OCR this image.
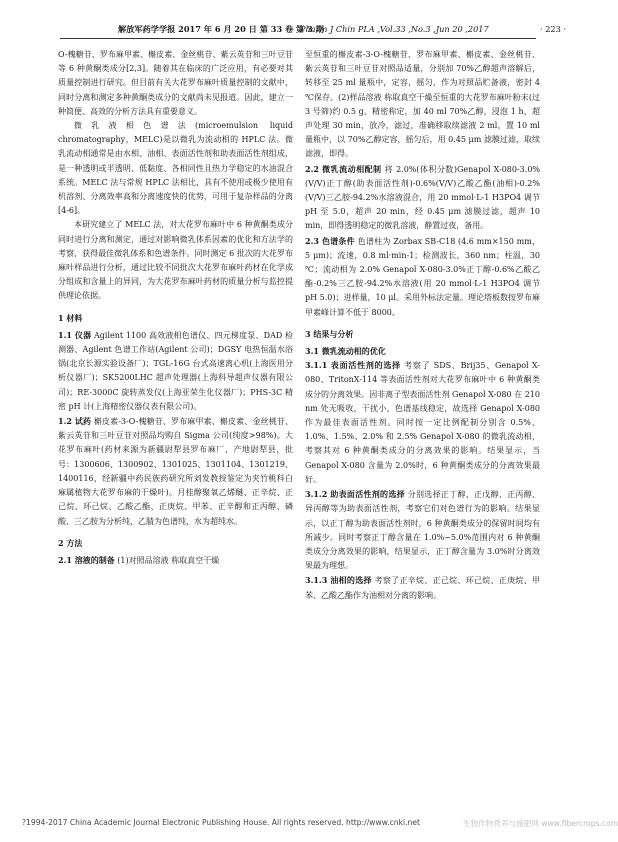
解放军药学学报 2017 年 6 月 20 日 第 33 卷 第 3 期
Pharm J Chin PLA ,Vol.33 ,No.3 ,Jun 20 ,2017	· 223 ·

O-槐糖苷、罗布麻甲素、槲皮素、金丝桃苷、紫云英苷和三叶豆苷等 6 种黄酮类成分[2,3]。随着其在临床的广泛应用，有必要对其质量控制进行研究。但目前有关大花罗布麻叶质量控制的文献中，同时分离和测定多种黄酮类成分的文献尚未见报道。因此，建立一种简便、高效的分析方法具有重要意义。

微乳液相色谱法(microemulsion liquid chromatography，MELC)是以微乳为流动相的 HPLC 法。微乳流动相通常是由水相、油相、表面活性剂和助表面活性剂组成，是一种透明或半透明、低黏度、各相同性且热力学稳定的水油混合系统。MELC 法与常规 HPLC 法相比，具有不使用或极少使用有机溶剂、分离效率高和分离速度快的优势，可用于复杂样品的分离[4-6]。

本研究建立了 MELC 法，对大花罗布麻叶中 6 种黄酮类成分同时进行分离和测定，通过对影响微乳体系因素的优化和方法学的考察，获得最佳微乳体系和色谱条件。同时测定 6 批次的大花罗布麻叶样品进行分析，通过比较不同批次大花罗布麻叶药材在化学成分组成和含量上的异同，为大花罗布麻叶药材的质量分析与监控提供理论依据。

1 材料

1.1 仪器 Agilent 1100 高效液相色谱仪、四元梯度泵、DAD 检测器、Agilent 色谱工作站(Agilent 公司)；DGSY 电热恒温水浴锅(北京长源实验设备厂)；TGL-16G 台式高速离心机(上海医用分析仪器厂)；SK5200LHC 超声处理器(上海科导超声仪器有限公司)；RE-3000C 旋转蒸发仪(上海亚荣生化仪器厂)；PHS-3C 精密 pH 计(上海精密仪器仪表有限公司)。

1.2 试药 槲皮素-3-O-槐糖苷、罗布麻甲素、槲皮素、金丝桃苷、紫云英苷和三叶豆苷对照品均购自 Sigma 公司(纯度>98%)。大花罗布麻叶(药材来源为新疆尉犁县罗布麻厂，产地尉犁县，批号：1300606、1300902、1301025、1301104、1301219、1400116，经新疆中药民族药研究所刘发教授鉴定为夹竹桃科白麻属植物大花罗布麻的干燥叶)。月桂醇聚氧乙烯醚、正辛烷、正己烷、环己烷、乙酸乙酯、正庚烷、甲苯、正辛醇和正丙醇、磷酸、三乙胺为分析纯，乙腈为色谱纯，水为超纯水。

2 方法

2.1 溶液的制备 (1)对照品溶液 称取真空干燥

至恒重的槲皮素-3-O-槐糖苷、罗布麻甲素、槲皮素、金丝桃苷、紫云英苷和三叶豆苷对照品适量，分别加 70%乙醇超声溶解后，转移至 25 ml 量瓶中，定容，摇匀，作为对照品贮备液，密封 4 ℃保存。(2)样品溶液 称取真空干燥至恒重的大花罗布麻叶粉末(过 3 号筛)约 0.5 g，精密称定，加 40 ml 70%乙醇，浸泡 1 h，超声处理 30 min，放冷，滤过，准确移取续滤液 2 ml，置 10 ml 量瓶中，以 70%乙醇定容，摇匀后，用 0.45 μm 滤膜过滤，取续滤液，即得。

2.2 微乳流动相配制 将 2.0%(体积分数)Genapol X-080-3.0%(V/V)正丁醇(助表面活性剂)-0.6%(V/V)乙酸乙酯(油相)-0.2%(V/V)三乙胺-94.2%水溶液混合，用 20 mmol·L-1 H3PO4 调节 pH 至 5.0，超声 20 min，经 0.45 μm 滤膜过滤，超声 10 min，即得透明稳定的微乳溶液，静置过夜，备用。

2.3 色谱条件 色谱柱为 Zorbax SB-C18 (4.6 mm×150 mm，5 μm)；流速，0.8 ml·min-1；检测波长，360 nm；柱温，30 ℃；流动相为 2.0% Genapol X-080-3.0%正丁醇-0.6%乙酸乙酯-0.2%三乙胺-94.2%水溶液(用 20 mmol·L-1 H3PO4 调节 pH 5.0)；进样量，10 μl。采用外标法定量。理论塔板数按罗布麻甲素峰计算不低于 8000。

3 结果与分析

3.1 微乳流动相的优化

3.1.1 表面活性剂的选择 考察了 SDS、Brij35、Genapol X-080、TritonX-114 等表面活性剂对大花罗布麻叶中 6 种黄酮类成分的分离效果。因非离子型表面活性剂 Genapol X-080 在 210 nm 处无吸收，干扰小，色谱基线稳定，故选择 Genapol X-080 作为最佳表面活性剂。同时按一定比例配制分别含 0.5%、1.0%、1.5%、2.0% 和 2.5% Genapol X-080 的微乳流动相，考察其对 6 种黄酮类成分的分离效果的影响。结果显示，当 Genapol X-080 含量为 2.0%时，6 种黄酮类成分的分离效果最好。

3.1.2 助表面活性剂的选择 分别选择正丁醇、正戊醇、正丙醇、异丙醇等为助表面活性剂，考察它们对色谱行为的影响。结果显示，以正丁醇为助表面活性剂时，6 种黄酮类成分的保留时间均有所减少。同时考察正丁醇含量在 1.0%~5.0%范围内对 6 种黄酮类成分分离效果的影响，结果显示，正丁醇含量为 3.0%时分离效果最为理想。

3.1.3 油相的选择 考察了正辛烷、正己烷、环己烷、正庚烷、甲苯、乙酸乙酯作为油相对分离的影响。

?1994-2017 China Academic Journal Electronic Publishing House. All rights reserved. http://www.cnki.net	生物作物营养与施肥网 www.fibercrops.com
